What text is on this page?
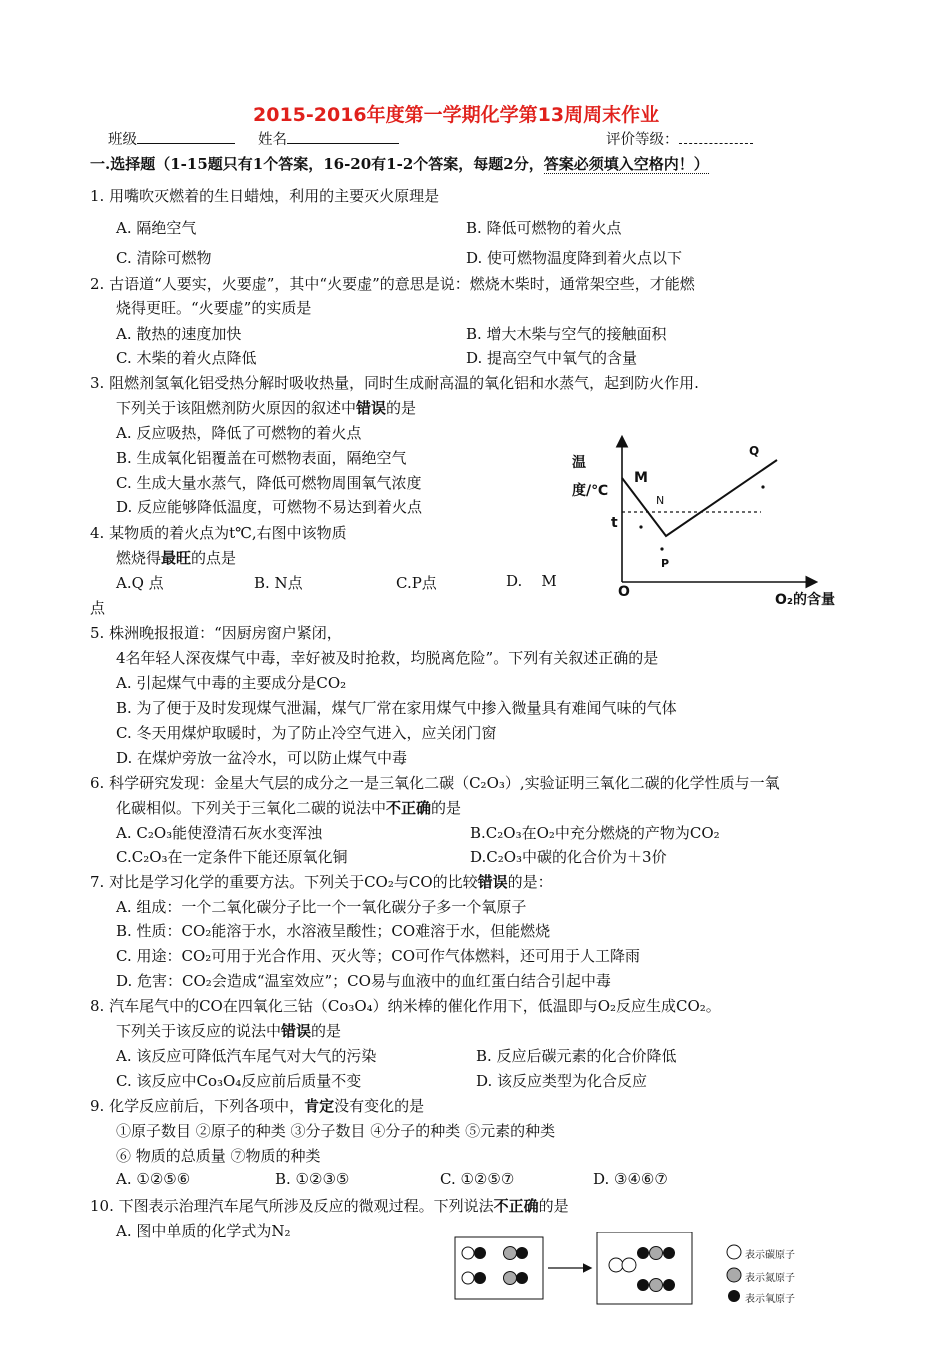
2015-2016年度第一学期化学第13周周末作业
班级	姓名	评价等级：
一.选择题（1-15题只有1个答案，16-20有1-2个答案，每题2分，答案必须填入空格内！）
1. 用嘴吹灭燃着的生日蜡烛，利用的主要灭火原理是
A. 隔绝空气	B. 降低可燃物的着火点
C. 清除可燃物	D. 使可燃物温度降到着火点以下
2. 古语道“人要实，火要虚”，其中“火要虚”的意思是说：燃烧木柴时，通常架空些，才能燃
烧得更旺。“火要虚”的实质是
A. 散热的速度加快	B. 增大木柴与空气的接触面积
C. 木柴的着火点降低	D. 提高空气中氧气的含量
3. 阻燃剂氢氧化铝受热分解时吸收热量，同时生成耐高温的氧化铝和水蒸气，起到防火作用.
下列关于该阻燃剂防火原因的叙述中错误的是
A. 反应吸热，降低了可燃物的着火点
B. 生成氧化铝覆盖在可燃物表面，隔绝空气
C. 生成大量水蒸气，降低可燃物周围氧气浓度
D. 反应能够降低温度，可燃物不易达到着火点
4. 某物质的着火点为t℃,右图中该物质
燃烧得最旺的点是
A.Q 点	B. N点	C.P点	D. M
点
温
度/℃
t
O	O₂的含量
M
N
P
Q
5. 株洲晚报报道：“因厨房窗户紧闭，
4名年轻人深夜煤气中毒，幸好被及时抢救，均脱离危险”。下列有关叙述正确的是
A. 引起煤气中毒的主要成分是CO₂
B. 为了便于及时发现煤气泄漏，煤气厂常在家用煤气中掺入微量具有难闻气味的气体
C. 冬天用煤炉取暖时，为了防止冷空气进入，应关闭门窗
D. 在煤炉旁放一盆冷水，可以防止煤气中毒
6. 科学研究发现：金星大气层的成分之一是三氧化二碳（C₂O₃）,实验证明三氧化二碳的化学性质与一氧
化碳相似。下列关于三氧化二碳的说法中不正确的是
A. C₂O₃能使澄清石灰水变浑浊	B.C₂O₃在O₂中充分燃烧的产物为CO₂
C.C₂O₃在一定条件下能还原氧化铜	D.C₂O₃中碳的化合价为＋3价
7. 对比是学习化学的重要方法。下列关于CO₂与CO的比较错误的是：
A. 组成：一个二氧化碳分子比一个一氧化碳分子多一个氧原子
B. 性质：CO₂能溶于水，水溶液呈酸性；CO难溶于水，但能燃烧
C. 用途：CO₂可用于光合作用、灭火等；CO可作气体燃料，还可用于人工降雨
D. 危害：CO₂会造成“温室效应”；CO易与血液中的血红蛋白结合引起中毒
8. 汽车尾气中的CO在四氧化三钴（Co₃O₄）纳米棒的催化作用下，低温即与O₂反应生成CO₂。
下列关于该反应的说法中错误的是
A. 该反应可降低汽车尾气对大气的污染	B. 反应后碳元素的化合价降低
C. 该反应中Co₃O₄反应前后质量不变	D. 该反应类型为化合反应
9. 化学反应前后，下列各项中，肯定没有变化的是
①原子数目 ②原子的种类 ③分子数目 ④分子的种类 ⑤元素的种类
⑥ 物质的总质量 ⑦物质的种类
A. ①②⑤⑥	B. ①②③⑤	C. ①②⑤⑦	D. ③④⑥⑦
10. 下图表示治理汽车尾气所涉及反应的微观过程。下列说法不正确的是
A. 图中单质的化学式为N₂
表示碳原子
表示氮原子
表示氧原子
